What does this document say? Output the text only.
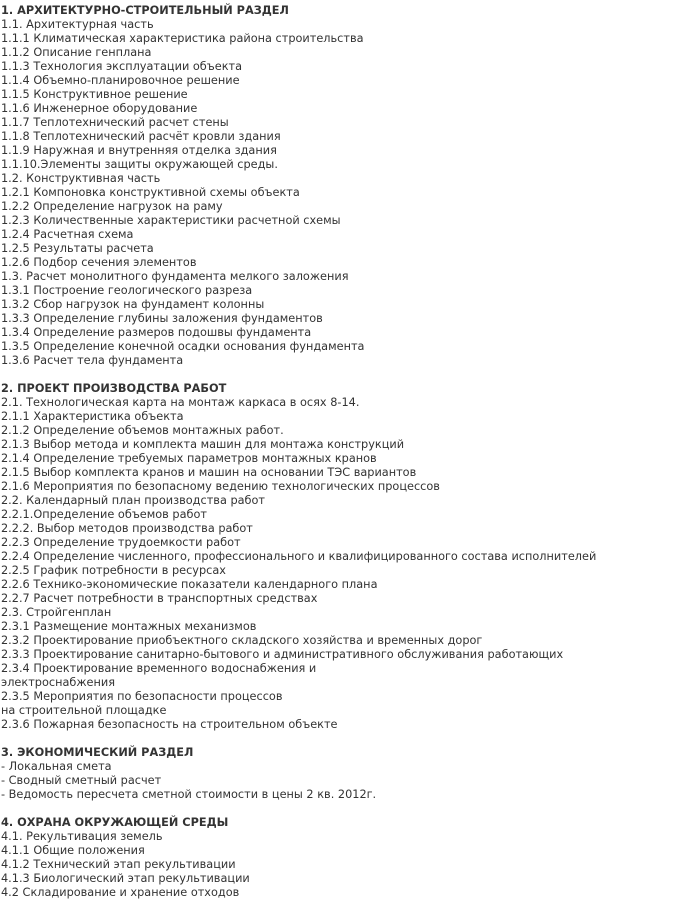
1. АРХИТЕКТУРНО-СТРОИТЕЛЬНЫЙ РАЗДЕЛ
1.1. Архитектурная часть
1.1.1 Климатическая характеристика района строительства
1.1.2 Описание генплана
1.1.3 Технология эксплуатации объекта
1.1.4 Объемно-планировочное решение
1.1.5 Конструктивное решение
1.1.6 Инженерное оборудование
1.1.7 Теплотехнический расчет стены
1.1.8 Теплотехнический расчёт кровли здания
1.1.9 Наружная и внутренняя отделка здания
1.1.10.Элементы защиты окружающей среды.
1.2. Конструктивная часть
1.2.1 Компоновка конструктивной схемы объекта
1.2.2 Определение нагрузок на раму
1.2.3 Количественные характеристики расчетной схемы
1.2.4 Расчетная схема
1.2.5 Результаты расчета
1.2.6 Подбор сечения элементов
1.3. Расчет монолитного фундамента мелкого заложения
1.3.1 Построение геологического разреза
1.3.2 Сбор нагрузок на фундамент колонны
1.3.3 Определение глубины заложения фундаментов
1.3.4 Определение размеров подошвы фундамента
1.3.5 Определение конечной осадки основания фундамента
1.3.6 Расчет тела фундамента
2. ПРОЕКТ ПРОИЗВОДСТВА РАБОТ
2.1. Технологическая карта на монтаж каркаса в осях 8-14.
2.1.1 Характеристика объекта
2.1.2 Определение объемов монтажных работ.
2.1.3 Выбор метода и комплекта машин для монтажа конструкций
2.1.4 Определение требуемых параметров монтажных кранов
2.1.5 Выбор комплекта кранов и машин на основании ТЭС вариантов
2.1.6 Мероприятия по безопасному ведению технологических процессов
2.2. Календарный план производства работ
2.2.1.Определение объемов работ
2.2.2. Выбор методов производства работ
2.2.3 Определение трудоемкости работ
2.2.4 Определение численного, профессионального и квалифицированного состава исполнителей
2.2.5 График потребности в ресурсах
2.2.6 Технико-экономические показатели календарного плана
2.2.7 Расчет потребности в транспортных средствах
2.3. Стройгенплан
2.3.1 Размещение монтажных механизмов
2.3.2 Проектирование приобъектного складского хозяйства и временных дорог
2.3.3 Проектирование санитарно-бытового и административного обслуживания работающих
2.3.4 Проектирование временного водоснабжения и
электроснабжения
2.3.5 Мероприятия по безопасности процессов
на строительной площадке
2.3.6 Пожарная безопасность на строительном объекте
3. ЭКОНОМИЧЕСКИЙ РАЗДЕЛ
- Локальная смета
- Сводный сметный расчет
- Ведомость пересчета сметной стоимости в цены 2 кв. 2012г.
4. ОХРАНА ОКРУЖАЮЩЕЙ СРЕДЫ
4.1. Рекультивация земель
4.1.1 Общие положения
4.1.2 Технический этап рекультивации
4.1.3 Биологический этап рекультивации
4.2 Складирование и хранение отходов
